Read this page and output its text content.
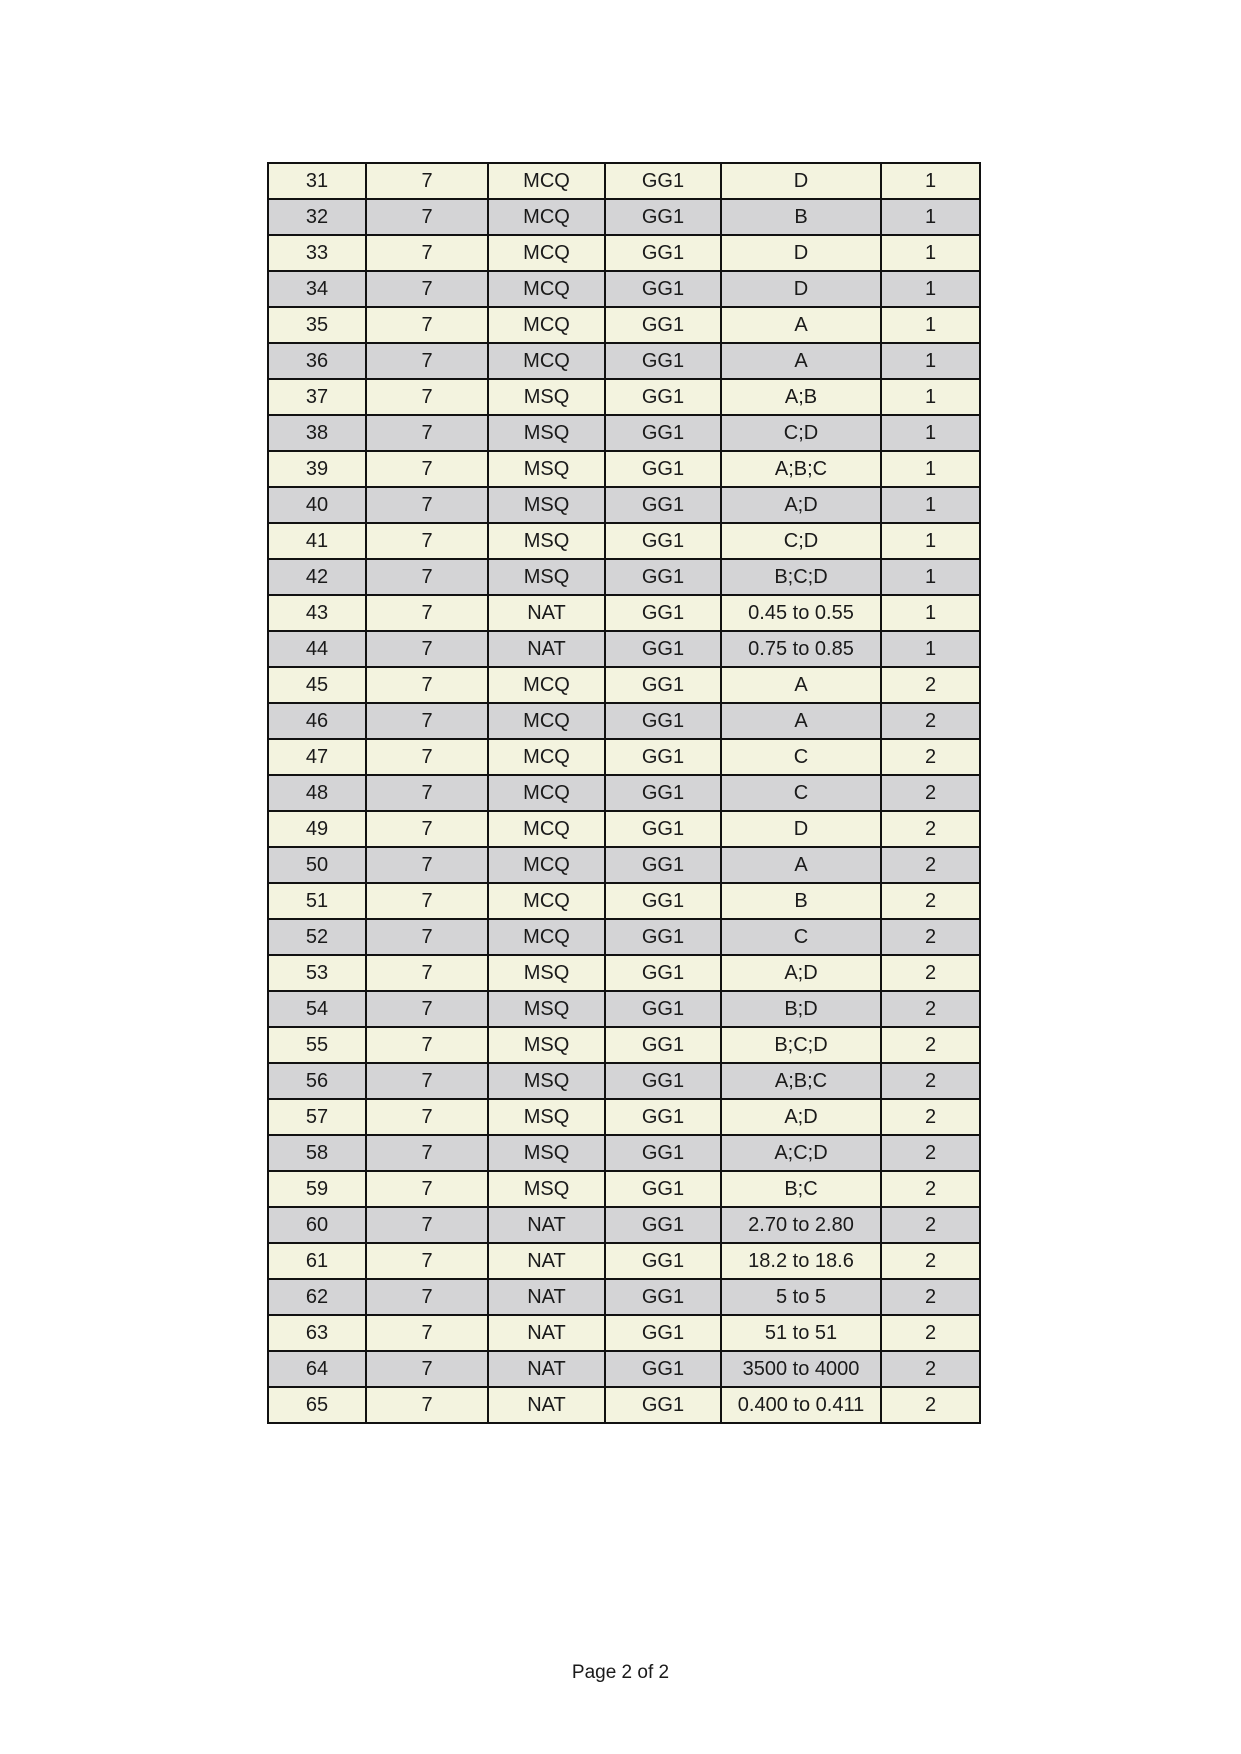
31	7	MCQ	GG1	D	1
32	7	MCQ	GG1	B	1
33	7	MCQ	GG1	D	1
34	7	MCQ	GG1	D	1
35	7	MCQ	GG1	A	1
36	7	MCQ	GG1	A	1
37	7	MSQ	GG1	A;B	1
38	7	MSQ	GG1	C;D	1
39	7	MSQ	GG1	A;B;C	1
40	7	MSQ	GG1	A;D	1
41	7	MSQ	GG1	C;D	1
42	7	MSQ	GG1	B;C;D	1
43	7	NAT	GG1	0.45 to 0.55	1
44	7	NAT	GG1	0.75 to 0.85	1
45	7	MCQ	GG1	A	2
46	7	MCQ	GG1	A	2
47	7	MCQ	GG1	C	2
48	7	MCQ	GG1	C	2
49	7	MCQ	GG1	D	2
50	7	MCQ	GG1	A	2
51	7	MCQ	GG1	B	2
52	7	MCQ	GG1	C	2
53	7	MSQ	GG1	A;D	2
54	7	MSQ	GG1	B;D	2
55	7	MSQ	GG1	B;C;D	2
56	7	MSQ	GG1	A;B;C	2
57	7	MSQ	GG1	A;D	2
58	7	MSQ	GG1	A;C;D	2
59	7	MSQ	GG1	B;C	2
60	7	NAT	GG1	2.70 to 2.80	2
61	7	NAT	GG1	18.2 to 18.6	2
62	7	NAT	GG1	5 to 5	2
63	7	NAT	GG1	51 to 51	2
64	7	NAT	GG1	3500 to 4000	2
65	7	NAT	GG1	0.400 to 0.411	2
Page 2 of 2
